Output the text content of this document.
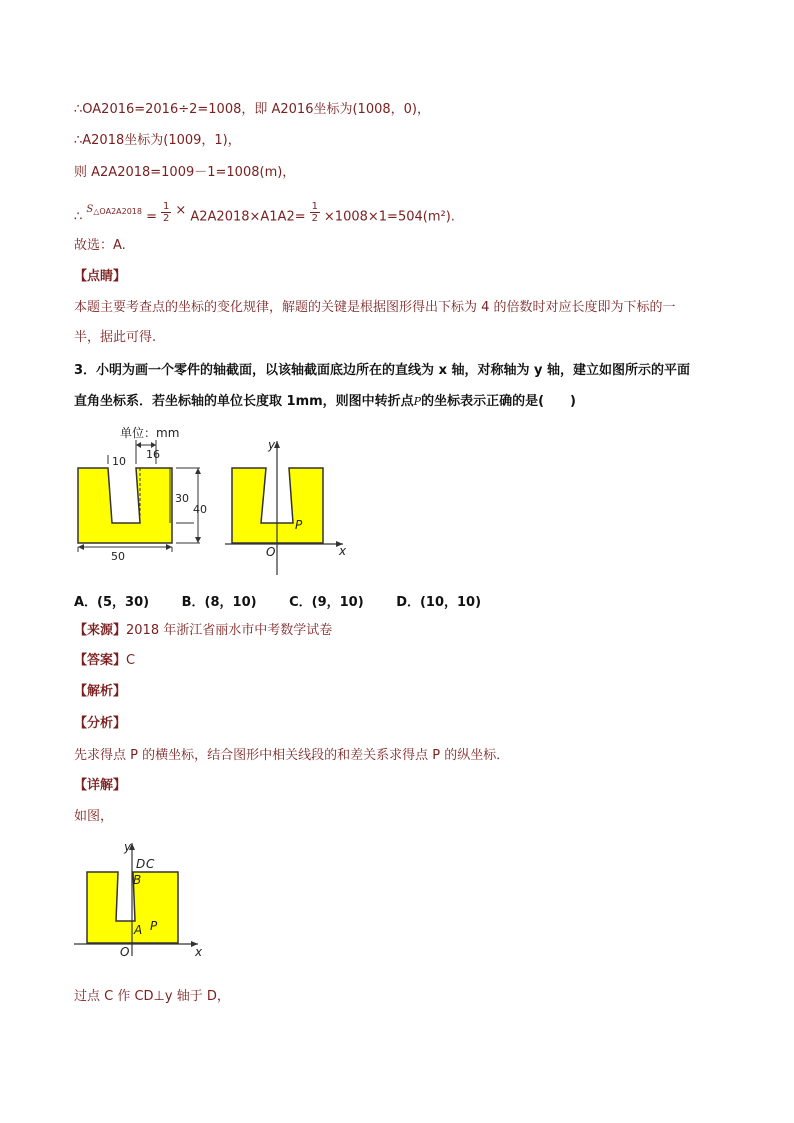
∴OA2016=2016÷2=1008，即 A2016坐标为(1008，0)，
∴A2018坐标为(1009，1)，
则 A2A2018=1009－1=1008(m)，
∴ $^{S\triangle OA2A2018} = \frac{1}{2} \times A2A2018\times A1A2= \frac{1}{2} \times 1008\times 1=504(m^2)$.
故选：A.
【点睛】
本题主要考查点的坐标的变化规律，解题的关键是根据图形得出下标为 4 的倍数时对应长度即为下标的一
半，据此可得.
3．小明为画一个零件的轴截面，以该轴截面底边所在的直线为 x 轴，对称轴为 y 轴，建立如图所示的平面
直角坐标系．若坐标轴的单位长度取 1mm，则图中转折点P的坐标表示正确的是(　　)
单位：mm
10
16
30
40
50
y
x
O
P
A．(5，30)	B．(8，10)	C．(9，10)	D．(10，10)
【来源】2018 年浙江省丽水市中考数学试卷
【答案】C
【解析】
【分析】
先求得点 P 的横坐标，结合图形中相关线段的和差关系求得点 P 的纵坐标．
【详解】
如图，
y
x
O
D C
B
A P
过点 C 作 CD⊥y 轴于 D，
